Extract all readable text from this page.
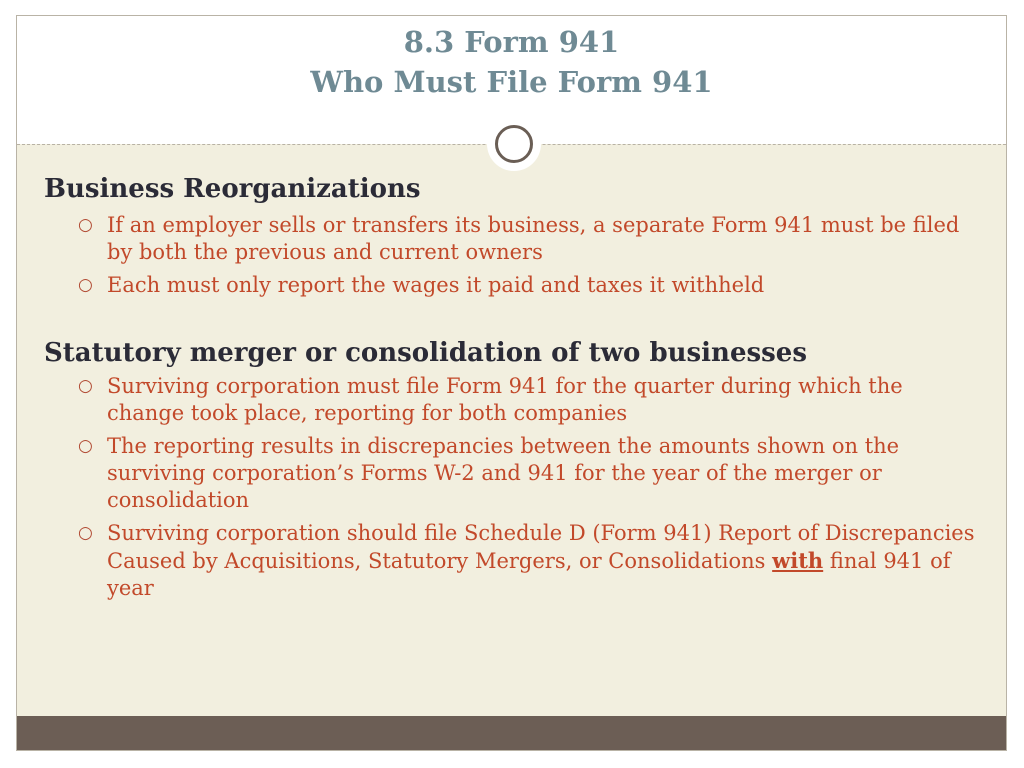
8.3 Form 941
Who Must File Form 941
Business Reorganizations
○ If an employer sells or transfers its business, a separate Form 941 must be filed by both the previous and current owners
○ Each must only report the wages it paid and taxes it withheld
Statutory merger or consolidation of two businesses
○ Surviving corporation must file Form 941 for the quarter during which the change took place, reporting for both companies
○ The reporting results in discrepancies between the amounts shown on the surviving corporation’s Forms W-2 and 941 for the year of the merger or consolidation
○ Surviving corporation should file Schedule D (Form 941) Report of Discrepancies Caused by Acquisitions, Statutory Mergers, or Consolidations with final 941 of year
